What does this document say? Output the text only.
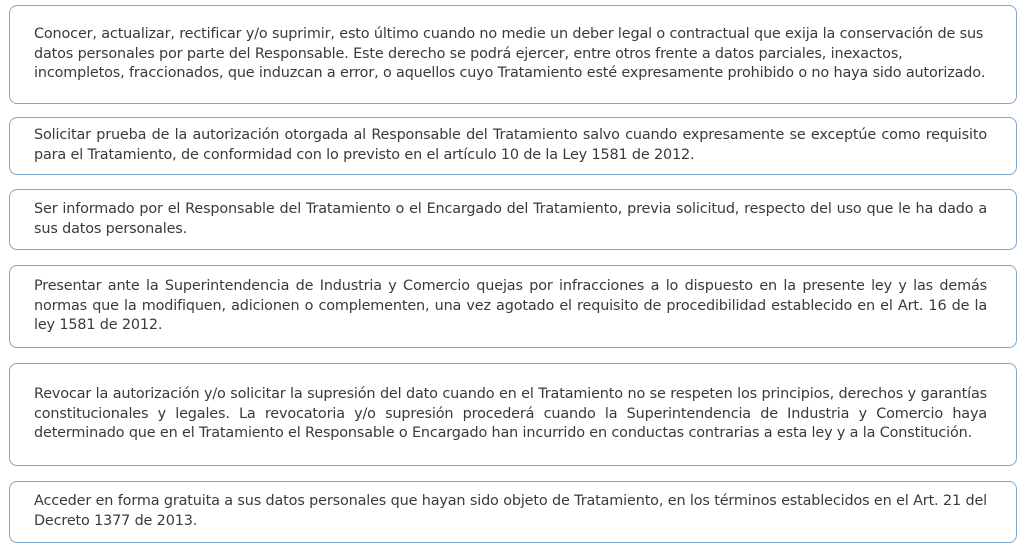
Conocer, actualizar, rectificar y/o suprimir, esto último cuando no medie un deber legal o contractual que exija la conservación de sus datos personales por parte del Responsable. Este derecho se podrá ejercer, entre otros frente a datos parciales, inexactos, incompletos, fraccionados, que induzcan a error, o aquellos cuyo Tratamiento esté expresamente prohibido o no haya sido autorizado.

Solicitar prueba de la autorización otorgada al Responsable del Tratamiento salvo cuando expresamente se exceptúe como requisito para el Tratamiento, de conformidad con lo previsto en el artículo 10 de la Ley 1581 de 2012.

Ser informado por el Responsable del Tratamiento o el Encargado del Tratamiento, previa solicitud, respecto del uso que le ha dado a sus datos personales.

Presentar ante la Superintendencia de Industria y Comercio quejas por infracciones a lo dispuesto en la presente ley y las demás normas que la modifiquen, adicionen o complementen, una vez agotado el requisito de procedibilidad establecido en el Art. 16 de la ley 1581 de 2012.

Revocar la autorización y/o solicitar la supresión del dato cuando en el Tratamiento no se respeten los principios, derechos y garantías constitucionales y legales. La revocatoria y/o supresión procederá cuando la Superintendencia de Industria y Comercio haya determinado que en el Tratamiento el Responsable o Encargado han incurrido en conductas contrarias a esta ley y a la Constitución.

Acceder en forma gratuita a sus datos personales que hayan sido objeto de Tratamiento, en los términos establecidos en el Art. 21 del Decreto 1377 de 2013.
